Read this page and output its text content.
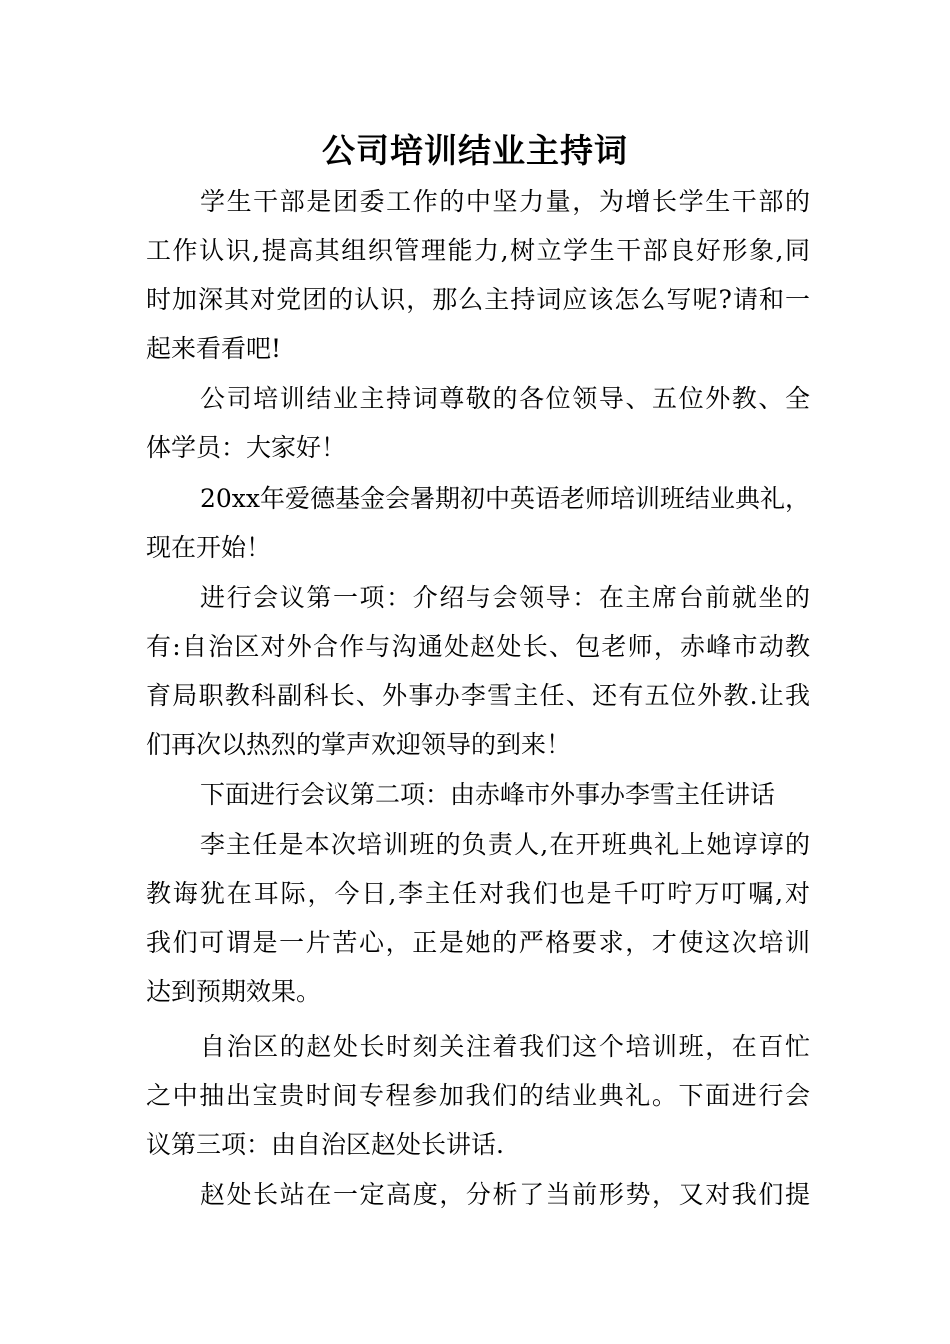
公司培训结业主持词
学生干部是团委工作的中坚力量，为增长学生干部的
工作认识,提高其组织管理能力,树立学生干部良好形象,同
时加深其对党团的认识，那么主持词应该怎么写呢?请和一
起来看看吧!
公司培训结业主持词尊敬的各位领导、五位外教、全
体学员：大家好！
20xx年爱德基金会暑期初中英语老师培训班结业典礼，
现在开始！
进行会议第一项：介绍与会领导：在主席台前就坐的
有:自治区对外合作与沟通处赵处长、包老师，赤峰市动教
育局职教科副科长、外事办李雪主任、还有五位外教.让我
们再次以热烈的掌声欢迎领导的到来！
下面进行会议第二项：由赤峰市外事办李雪主任讲话
李主任是本次培训班的负责人,在开班典礼上她谆谆的
教诲犹在耳际，今日,李主任对我们也是千叮咛万叮嘱,对
我们可谓是一片苦心，正是她的严格要求，才使这次培训
达到预期效果。
自治区的赵处长时刻关注着我们这个培训班，在百忙
之中抽出宝贵时间专程参加我们的结业典礼。下面进行会
议第三项：由自治区赵处长讲话.
赵处长站在一定高度，分析了当前形势，又对我们提
